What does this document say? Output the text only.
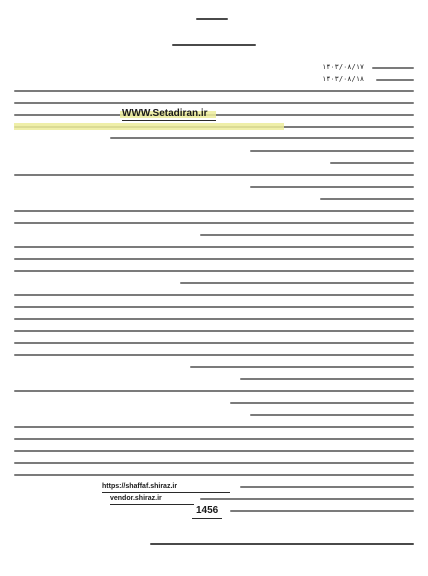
۱۴۰۳/۰۸/۱۷
۱۴۰۳/۰۸/۱۸
WWW.Setadiran.ir
https://shaffaf.shiraz.ir
vendor.shiraz.ir
1456
